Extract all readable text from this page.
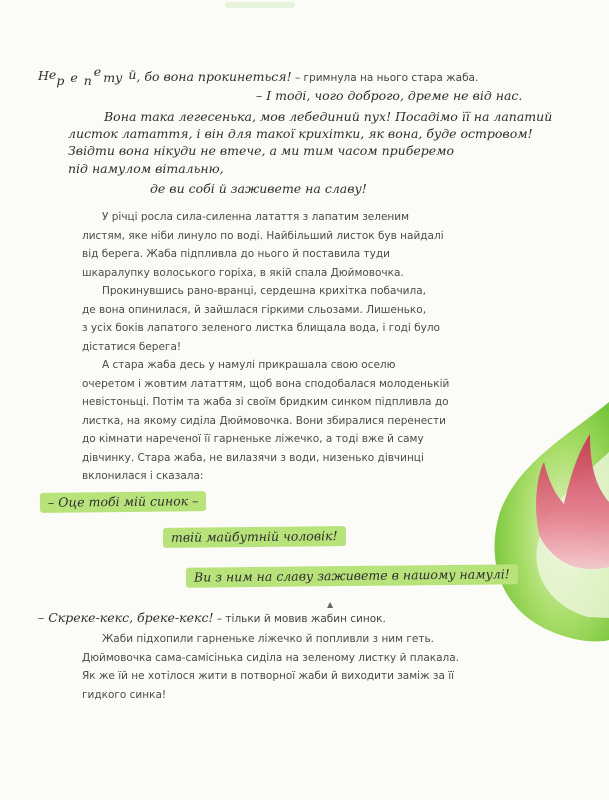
Нер е пе ту й, бо вона прокинеться! – гримнула на нього стара жаба.
– І тоді, чого доброго, дреме не від нас.
Вона така легесенька, мов лебединий пух! Посадімо її на лапатий
листок латаття, і він для такої крихітки, як вона, буде островом!
Звідти вона нікуди не втече, а ми тим часом приберемо
під намулом вітальню,
де ви собі й заживете на славу!
У річці росла сила-силенна латаття з лапатим зеленим
листям, яке ніби линуло по воді. Найбільший листок був найдалі
від берега. Жаба підпливла до нього й поставила туди
шкаралупку волоського горіха, в якій спала Дюймовочка.
Прокинувшись рано-вранці, сердешна крихітка побачила,
де вона опинилася, й зайшлася гіркими сльозами. Лишенько,
з усіх боків лапатого зеленого листка блищала вода, і годі було
дістатися берега!
А стара жаба десь у намулі прикрашала свою оселю
очеретом і жовтим лататтям, щоб вона сподобалася молоденькій
невістоньці. Потім та жаба зі своїм бридким синком підпливла до
листка, на якому сиділа Дюймовочка. Вони збиралися перенести
до кімнати нареченої її гарненьке ліжечко, а тоді вже й саму
дівчинку. Стара жаба, не вилазячи з води, низенько дівчинці
вклонилася і сказала:
– Оце тобі мій синок –
твій майбутній чоловік!
Ви з ним на славу заживете в нашому намулі!
▲
– Скреке-кекс, бреке-кекс! – тільки й мовив жабин синок.
Жаби підхопили гарненьке ліжечко й попливли з ним геть.
Дюймовочка сама-самісінька сиділа на зеленому листку й плакала.
Як же їй не хотілося жити в потворної жаби й виходити заміж за її
гидкого синка!
